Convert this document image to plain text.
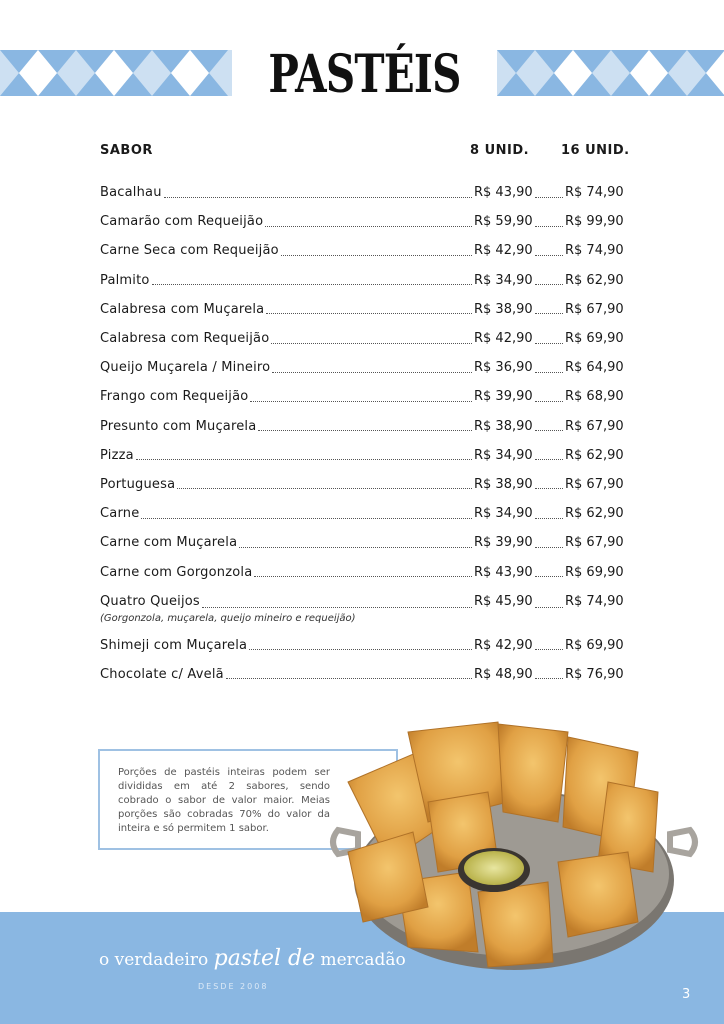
PASTÉIS
SABOR	8 UNID. 16 UNID.
Bacalhau	R$ 43,90 R$ 74,90
Camarão com Requeijão	R$ 59,90 R$ 99,90
Carne Seca com Requeijão	R$ 42,90 R$ 74,90
Palmito	R$ 34,90 R$ 62,90
Calabresa com Muçarela	R$ 38,90 R$ 67,90
Calabresa com Requeijão	R$ 42,90 R$ 69,90
Queijo Muçarela / Mineiro	R$ 36,90 R$ 64,90
Frango com Requeijão	R$ 39,90 R$ 68,90
Presunto com Muçarela	R$ 38,90 R$ 67,90
Pizza	R$ 34,90 R$ 62,90
Portuguesa	R$ 38,90 R$ 67,90
Carne	R$ 34,90 R$ 62,90
Carne com Muçarela	R$ 39,90 R$ 67,90
Carne com Gorgonzola	R$ 43,90 R$ 69,90
Quatro Queijos	R$ 45,90 R$ 74,90
(Gorgonzola, muçarela, queijo mineiro e requeijão)
Shimeji com Muçarela	R$ 42,90 R$ 69,90
Chocolate c/ Avelã	R$ 48,90 R$ 76,90
Porções de pastéis inteiras podem ser divididas em até 2 sabores, sendo cobrado o sabor de valor maior. Meias porções são cobradas 70% do valor da inteira e só permitem 1 sabor.
o verdadeiro pastel de mercadão
DESDE 2008
3
